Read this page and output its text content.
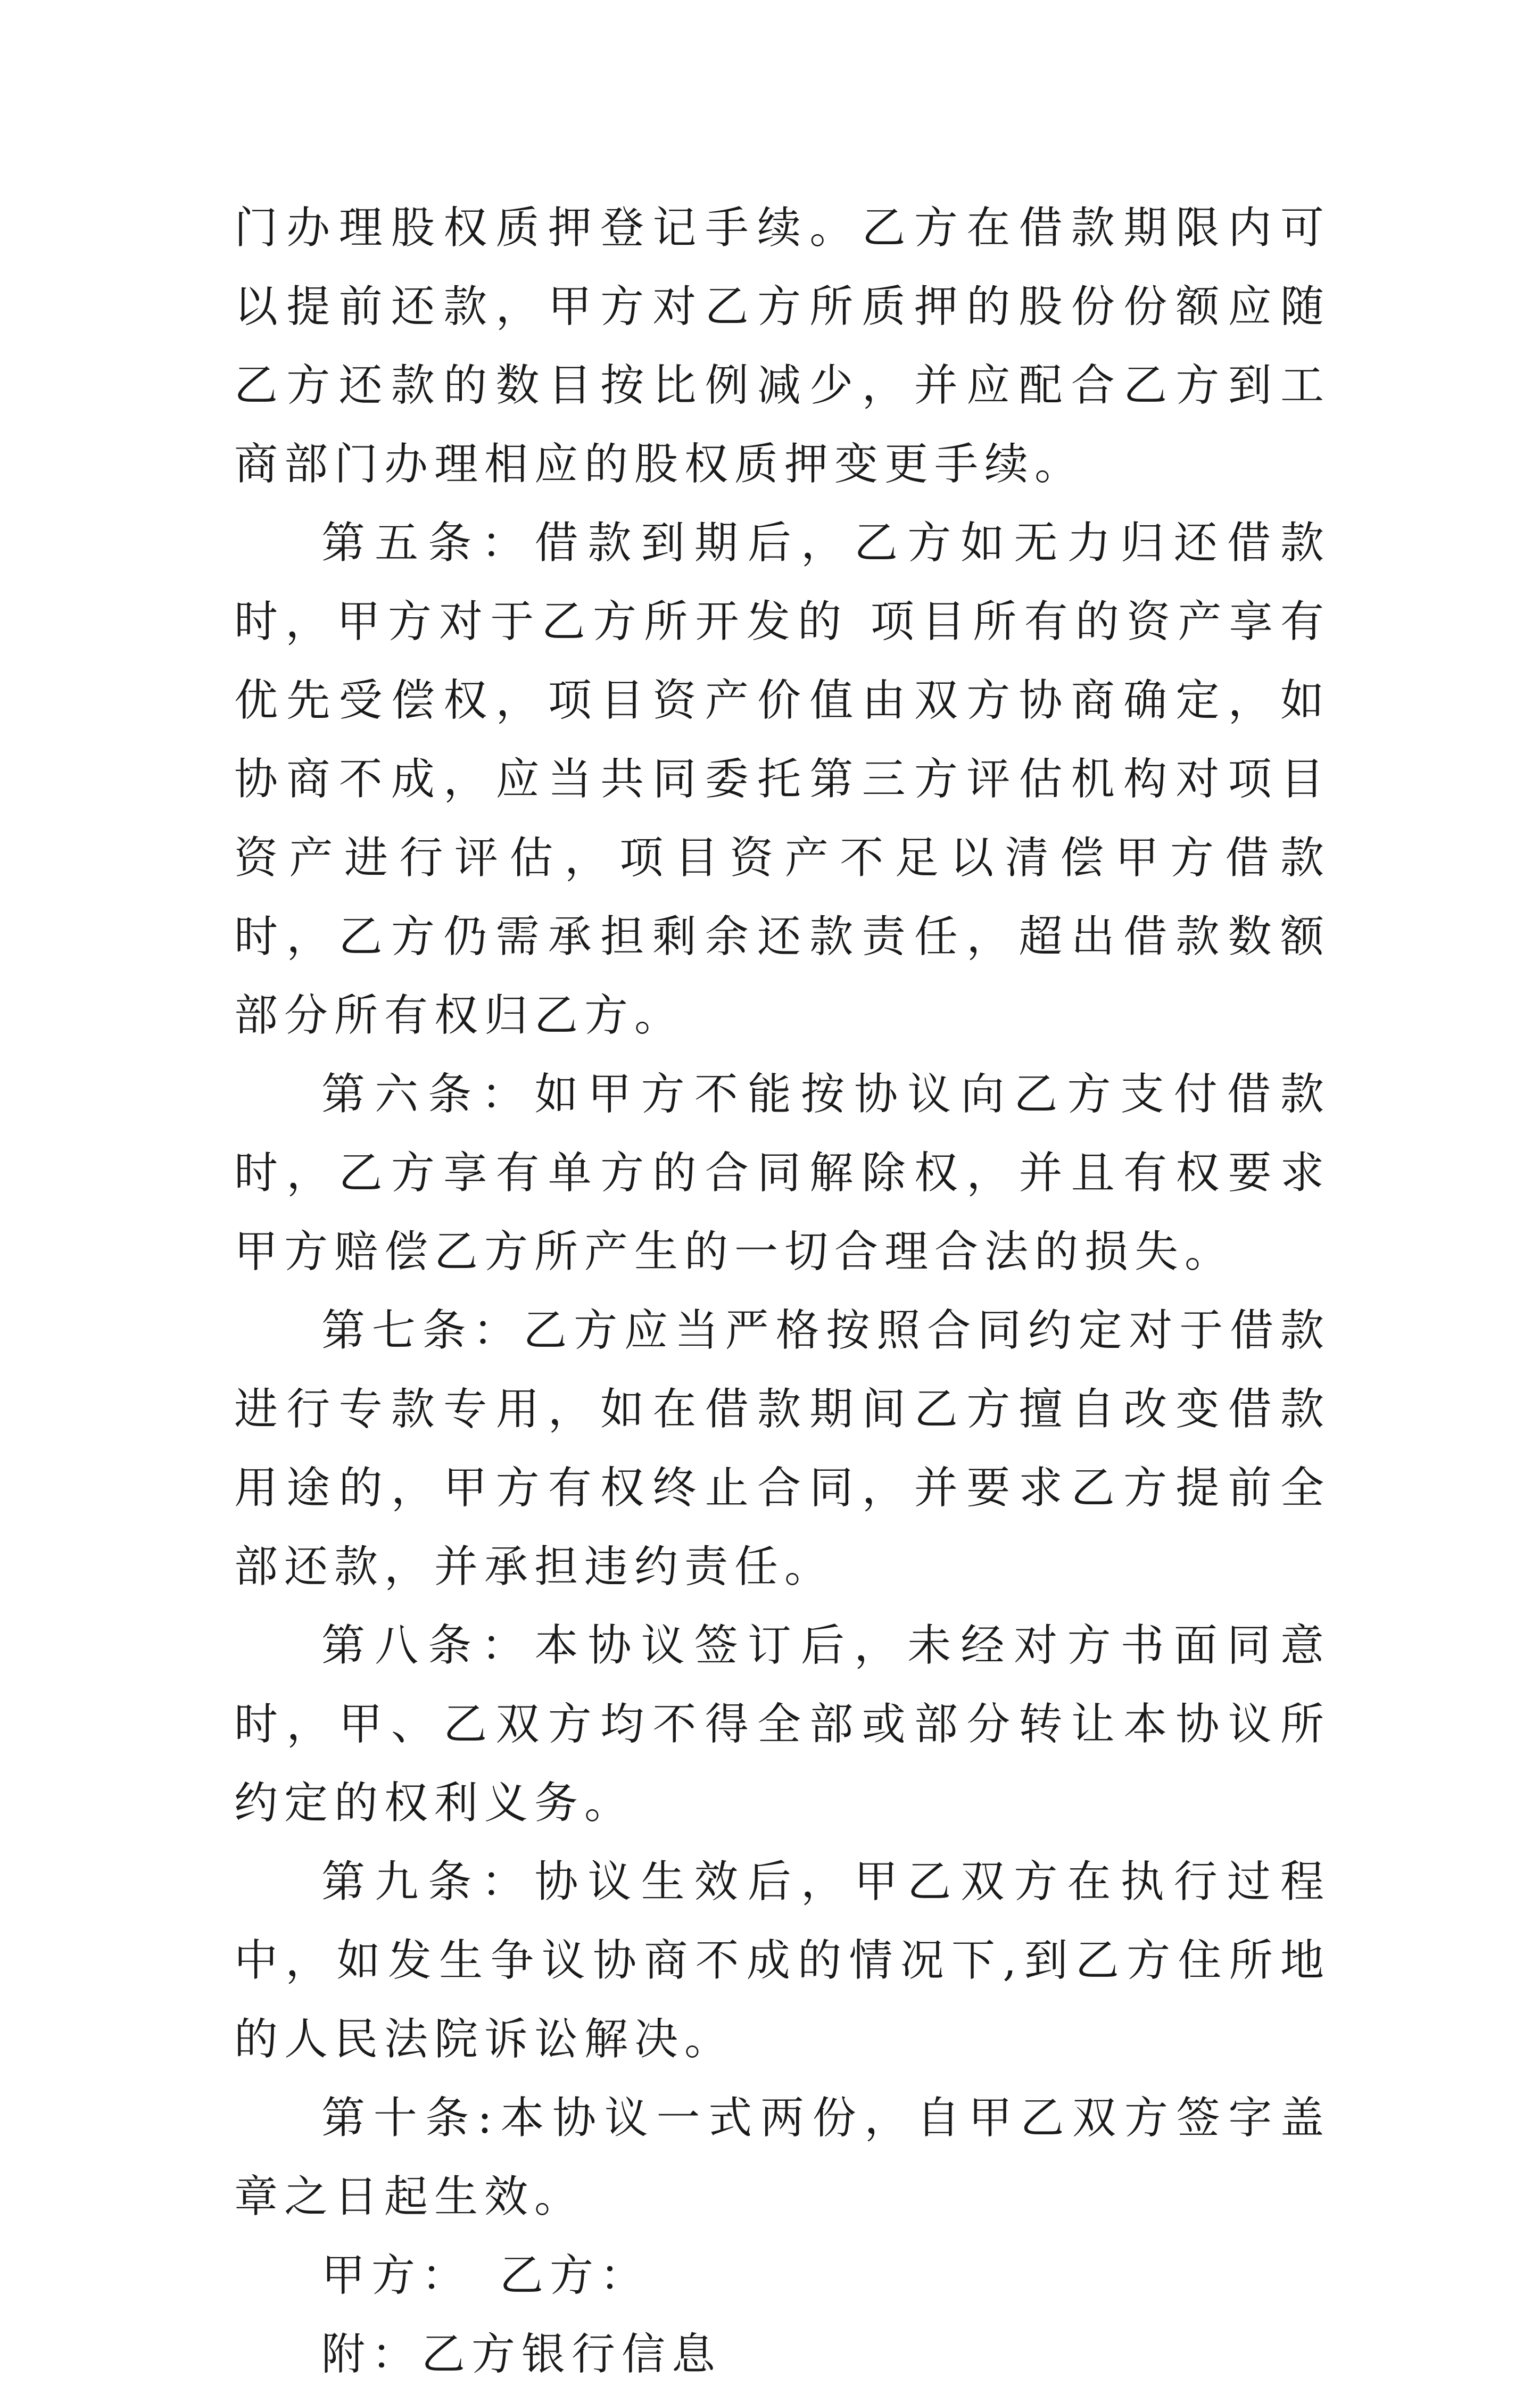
门办理股权质押登记手续。乙方在借款期限内可以提前还款，甲方对乙方所质押的股份份额应随乙方还款的数目按比例减少，并应配合乙方到工商部门办理相应的股权质押变更手续。

第五条：借款到期后，乙方如无力归还借款时，甲方对于乙方所开发的 项目所有的资产享有优先受偿权，项目资产价值由双方协商确定，如协商不成，应当共同委托第三方评估机构对项目资产进行评估，项目资产不足以清偿甲方借款时，乙方仍需承担剩余还款责任，超出借款数额部分所有权归乙方。

第六条：如甲方不能按协议向乙方支付借款时，乙方享有单方的合同解除权，并且有权要求甲方赔偿乙方所产生的一切合理合法的损失。

第七条：乙方应当严格按照合同约定对于借款进行专款专用，如在借款期间乙方擅自改变借款用途的，甲方有权终止合同，并要求乙方提前全部还款，并承担违约责任。

第八条：本协议签订后，未经对方书面同意时，甲、乙双方均不得全部或部分转让本协议所约定的权利义务。

第九条：协议生效后，甲乙双方在执行过程中，如发生争议协商不成的情况下,到乙方住所地的人民法院诉讼解决。

第十条:本协议一式两份，自甲乙双方签字盖章之日起生效。

甲方：　乙方：

附：乙方银行信息
